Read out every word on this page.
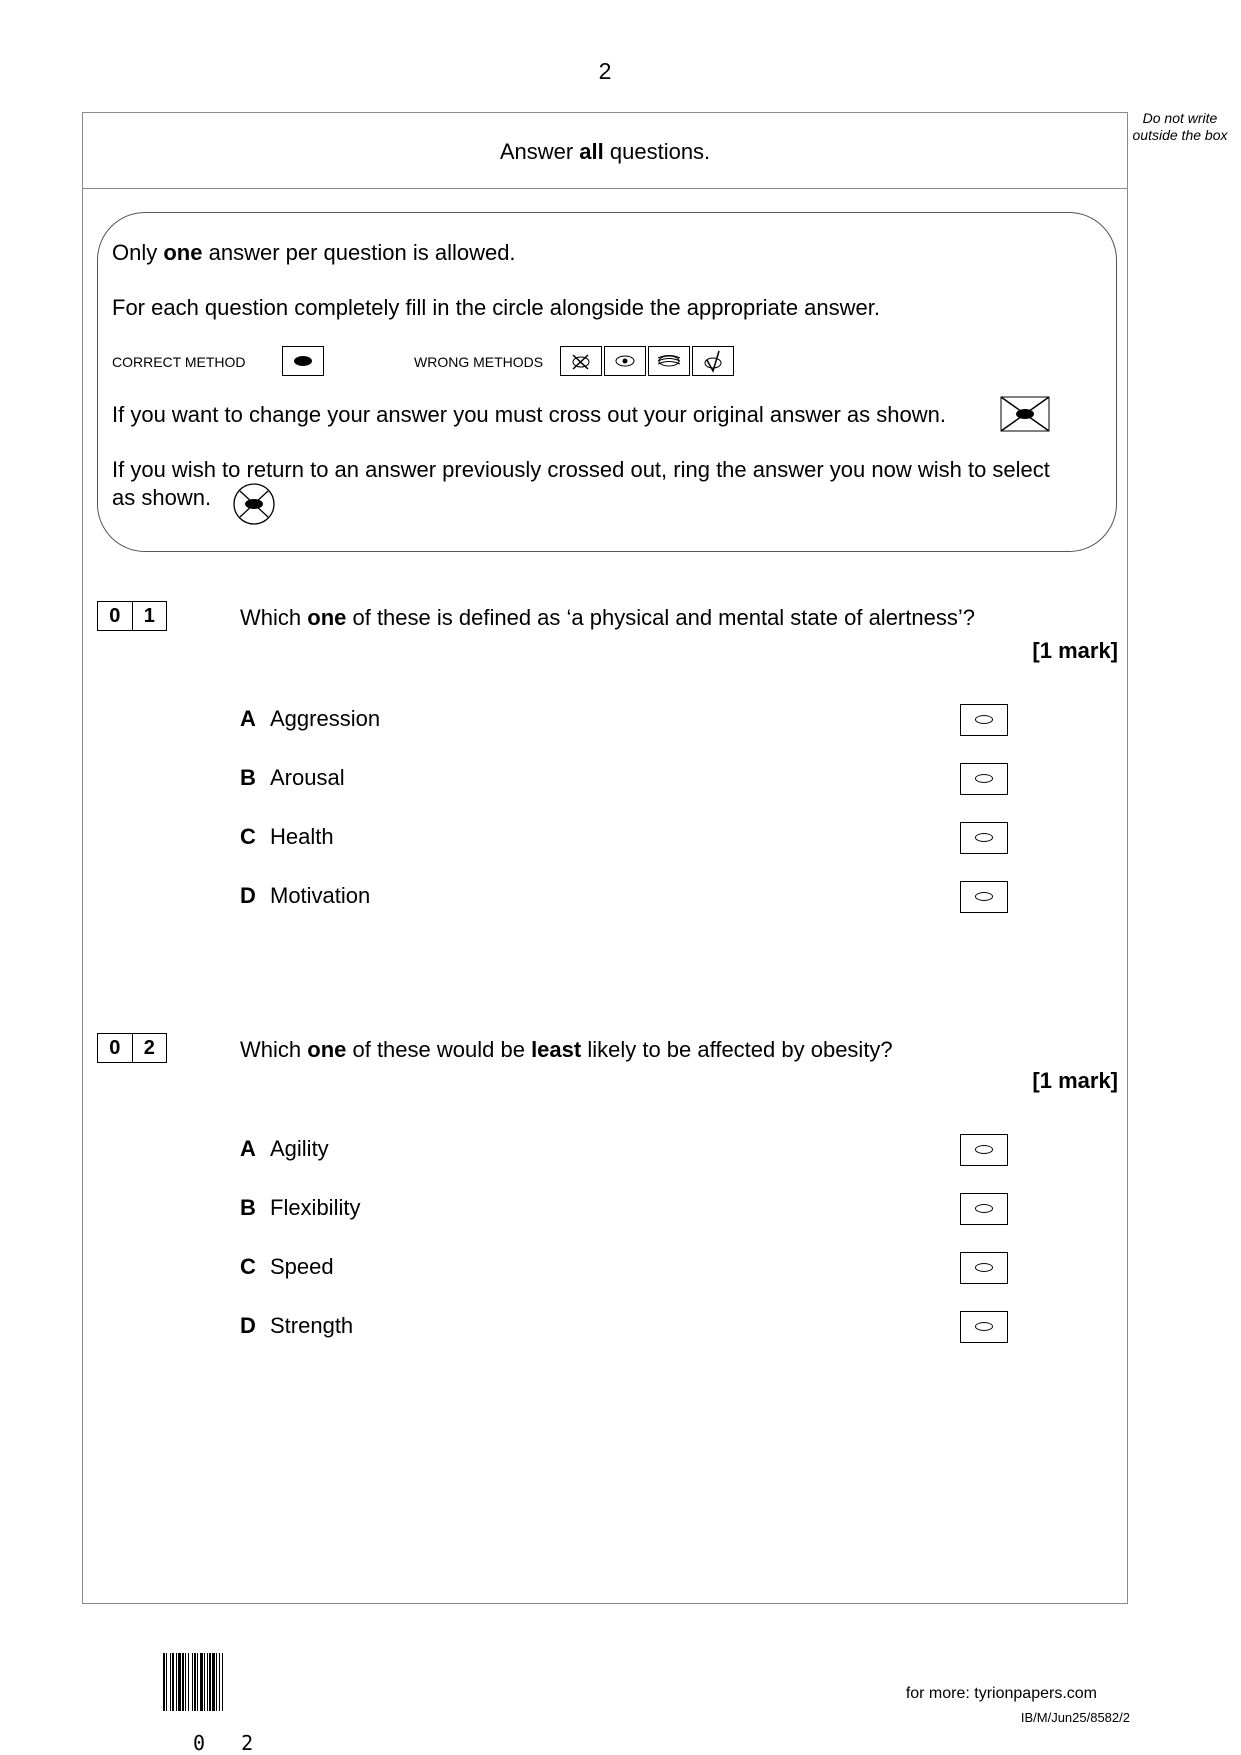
2
Do not write outside the box
Answer all questions.
Only one answer per question is allowed.
For each question completely fill in the circle alongside the appropriate answer.
CORRECT METHOD	WRONG METHODS
If you want to change your answer you must cross out your original answer as shown.
If you wish to return to an answer previously crossed out, ring the answer you now wish to select
as shown.
0	1	Which one of these is defined as ‘a physical and mental state of alertness’?
[1 mark]
A Aggression
B Arousal
C Health
D Motivation
0	2	Which one of these would be least likely to be affected by obesity?
[1 mark]
A Agility
B Flexibility
C Speed
D Strength
0 2
for more: tyrionpapers.com
IB/M/Jun25/8582/2
